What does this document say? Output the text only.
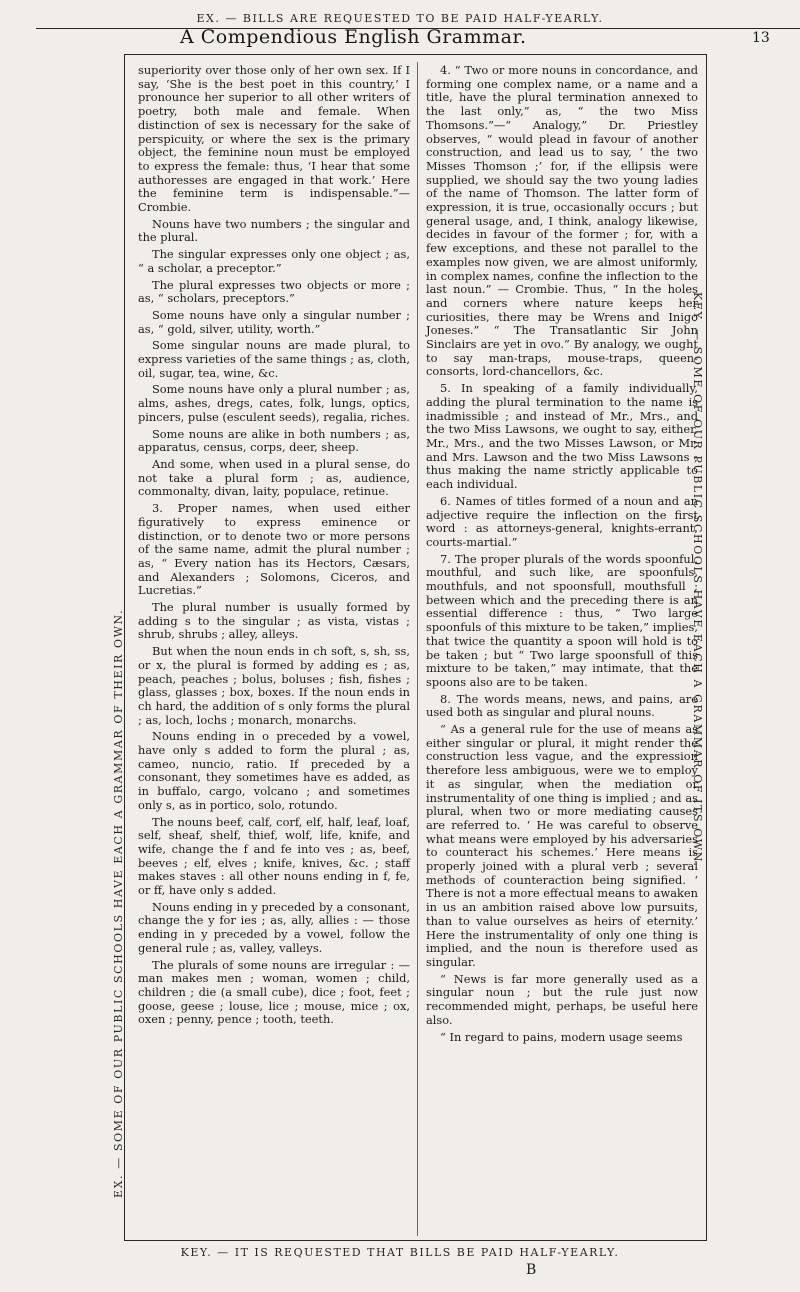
EX. — BILLS ARE REQUESTED TO BE PAID HALF-YEARLY.
A Compendious English Grammar.	13
EX. — SOME OF OUR PUBLIC SCHOOLS HAVE EACH A GRAMMAR OF THEIR OWN.
KEY. — SOME OF OUR PUBLIC SCHOOLS HAVE EACH A GRAMMAR OF ITS OWN.

superiority over those only of her own sex. If I say, ‘She is the best poet in this country,’ I pronounce her superior to all other writers of poetry, both male and female. When distinction of sex is necessary for the sake of perspicuity, or where the sex is the primary object, the feminine noun must be employed to express the female: thus, ‘I hear that some authoresses are engaged in that work.’ Here the feminine term is indispensable.”— Crombie.

Nouns have two numbers ; the singular and the plural.

The singular expresses only one object ; as, “ a scholar, a preceptor.”

The plural expresses two objects or more ; as, “ scholars, preceptors.”

Some nouns have only a singular number ; as, “ gold, silver, utility, worth.”

Some singular nouns are made plural, to express varieties of the same things ; as, cloth, oil, sugar, tea, wine, &c.

Some nouns have only a plural number ; as, alms, ashes, dregs, cates, folk, lungs, optics, pincers, pulse (esculent seeds), regalia, riches.

Some nouns are alike in both numbers ; as, apparatus, census, corps, deer, sheep.

And some, when used in a plural sense, do not take a plural form ; as, audience, commonalty, divan, laity, populace, retinue.

3. Proper names, when used either figuratively to express eminence or distinction, or to denote two or more persons of the same name, admit the plural number ; as, “ Every nation has its Hectors, Cæsars, and Alexanders ; Solomons, Ciceros, and Lucretias.”

The plural number is usually formed by adding s to the singular ; as vista, vistas ; shrub, shrubs ; alley, alleys.

But when the noun ends in ch soft, s, sh, ss, or x, the plural is formed by adding es ; as, peach, peaches ; bolus, boluses ; fish, fishes ; glass, glasses ; box, boxes. If the noun ends in ch hard, the addition of s only forms the plural ; as, loch, lochs ; monarch, monarchs.

Nouns ending in o preceded by a vowel, have only s added to form the plural ; as, cameo, nuncio, ratio. If preceded by a consonant, they sometimes have es added, as in buffalo, cargo, volcano ; and sometimes only s, as in portico, solo, rotundo.

The nouns beef, calf, corf, elf, half, leaf, loaf, self, sheaf, shelf, thief, wolf, life, knife, and wife, change the f and fe into ves ; as, beef, beeves ; elf, elves ; knife, knives, &c. ; staff makes staves : all other nouns ending in f, fe, or ff, have only s added.

Nouns ending in y preceded by a consonant, change the y for ies ; as, ally, allies : — those ending in y preceded by a vowel, follow the general rule ; as, valley, valleys.

The plurals of some nouns are irregular : — man makes men ; woman, women ; child, children ; die (a small cube), dice ; foot, feet ; goose, geese ; louse, lice ; mouse, mice ; ox, oxen ; penny, pence ; tooth, teeth.

4. “ Two or more nouns in concordance, and forming one complex name, or a name and a title, have the plural termination annexed to the last only,” as, “ the two Miss Thomsons.”—“ Analogy,” Dr. Priestley observes, “ would plead in favour of another construction, and lead us to say, ‘ the two Misses Thomson ;’ for, if the ellipsis were supplied, we should say the two young ladies of the name of Thomson. The latter form of expression, it is true, occasionally occurs ; but general usage, and, I think, analogy likewise, decides in favour of the former ; for, with a few exceptions, and these not parallel to the examples now given, we are almost uniformly, in complex names, confine the inflection to the last noun.” — Crombie. Thus, “ In the holes and corners where nature keeps her curiosities, there may be Wrens and Inigo Joneses.” “ The Transatlantic Sir John Sinclairs are yet in ovo.” By analogy, we ought to say man-traps, mouse-traps, queen-consorts, lord-chancellors, &c.

5. In speaking of a family individually, adding the plural termination to the name is inadmissible ; and instead of Mr., Mrs., and the two Miss Lawsons, we ought to say, either, Mr., Mrs., and the two Misses Lawson, or Mr. and Mrs. Lawson and the two Miss Lawsons ; thus making the name strictly applicable to each individual.

6. Names of titles formed of a noun and an adjective require the inflection on the first word : as attorneys-general, knights-errant, courts-martial.”

7. The proper plurals of the words spoonful, mouthful, and such like, are spoonfuls, mouthfuls, and not spoonsfull, mouthsfull ; between which and the preceding there is an essential difference : thus, “ Two large spoonfuls of this mixture to be taken,” implies, that twice the quantity a spoon will hold is to be taken ; but “ Two large spoonsfull of this mixture to be taken,” may intimate, that the spoons also are to be taken.

8. The words means, news, and pains, are used both as singular and plural nouns.

“ As a general rule for the use of means as either singular or plural, it might render the construction less vague, and the expression therefore less ambiguous, were we to employ it as singular, when the mediation or instrumentality of one thing is implied ; and as plural, when two or more mediating causes are referred to. ‘ He was careful to observe what means were employed by his adversaries to counteract his schemes.’ Here means is properly joined with a plural verb ; several methods of counteraction being signified. ‘ There is not a more effectual means to awaken in us an ambition raised above low pursuits, than to value ourselves as heirs of eternity.’ Here the instrumentality of only one thing is implied, and the noun is therefore used as singular.

“ News is far more generally used as a singular noun ; but the rule just now recommended might, perhaps, be useful here also.

“ In regard to pains, modern usage seems

KEY. — IT IS REQUESTED THAT BILLS BE PAID HALF-YEARLY.
B
